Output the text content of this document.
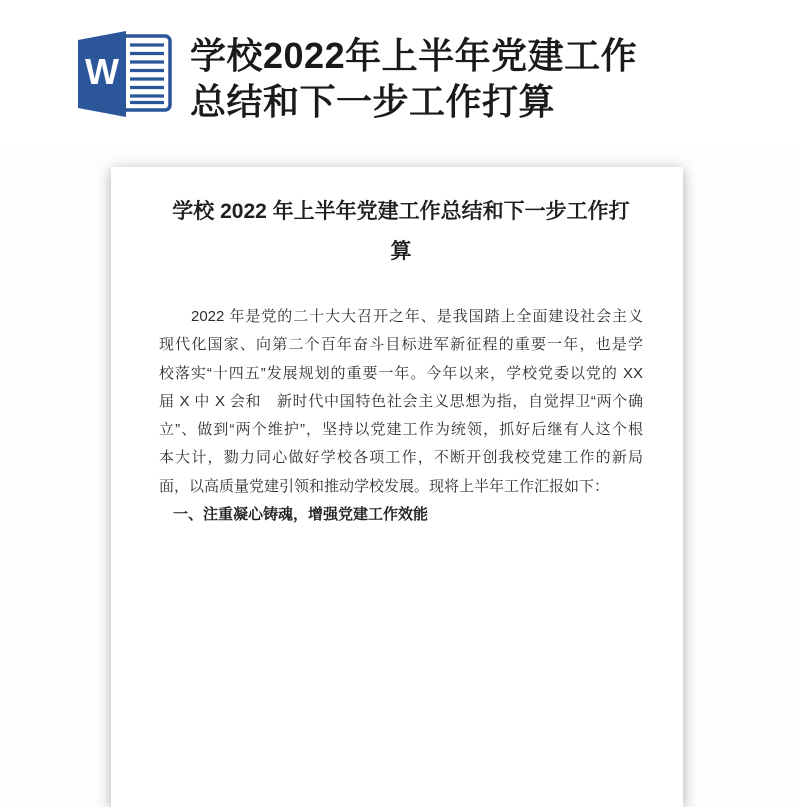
W 学校2022年上半年党建工作
总结和下一步工作打算
学校 2022 年上半年党建工作总结和下一步工作打
算
2022 年是党的二十大大召开之年、是我国踏上全面建设社会主义
现代化国家、向第二个百年奋斗目标进军新征程的重要一年，也是学
校落实“十四五”发展规划的重要一年。今年以来，学校党委以党的 XX
届 X 中 X 会和　新时代中国特色社会主义思想为指，自觉捍卫“两个确
立”、做到“两个维护”，坚持以党建工作为统领，抓好后继有人这个根
本大计，勠力同心做好学校各项工作，不断开创我校党建工作的新局
面，以高质量党建引领和推动学校发展。现将上半年工作汇报如下：
一、注重凝心铸魂，增强党建工作效能
